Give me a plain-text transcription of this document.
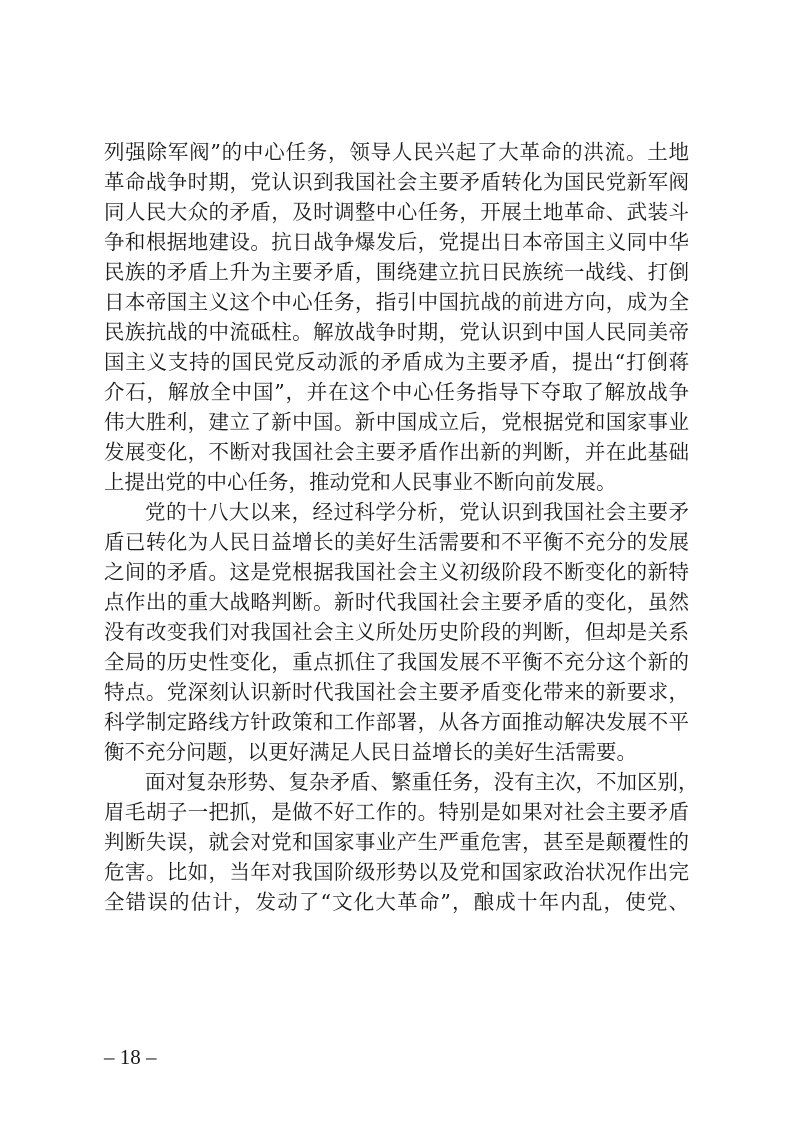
列强除军阀”的中心任务，领导人民兴起了大革命的洪流。土地
革命战争时期，党认识到我国社会主要矛盾转化为国民党新军阀
同人民大众的矛盾，及时调整中心任务，开展土地革命、武装斗
争和根据地建设。抗日战争爆发后，党提出日本帝国主义同中华
民族的矛盾上升为主要矛盾，围绕建立抗日民族统一战线、打倒
日本帝国主义这个中心任务，指引中国抗战的前进方向，成为全
民族抗战的中流砥柱。解放战争时期，党认识到中国人民同美帝
国主义支持的国民党反动派的矛盾成为主要矛盾，提出“打倒蒋
介石，解放全中国”，并在这个中心任务指导下夺取了解放战争
伟大胜利，建立了新中国。新中国成立后，党根据党和国家事业
发展变化，不断对我国社会主要矛盾作出新的判断，并在此基础
上提出党的中心任务，推动党和人民事业不断向前发展。
党的十八大以来，经过科学分析，党认识到我国社会主要矛
盾已转化为人民日益增长的美好生活需要和不平衡不充分的发展
之间的矛盾。这是党根据我国社会主义初级阶段不断变化的新特
点作出的重大战略判断。新时代我国社会主要矛盾的变化，虽然
没有改变我们对我国社会主义所处历史阶段的判断，但却是关系
全局的历史性变化，重点抓住了我国发展不平衡不充分这个新的
特点。党深刻认识新时代我国社会主要矛盾变化带来的新要求，
科学制定路线方针政策和工作部署，从各方面推动解决发展不平
衡不充分问题，以更好满足人民日益增长的美好生活需要。
面对复杂形势、复杂矛盾、繁重任务，没有主次，不加区别，
眉毛胡子一把抓，是做不好工作的。特别是如果对社会主要矛盾
判断失误，就会对党和国家事业产生严重危害，甚至是颠覆性的
危害。比如，当年对我国阶级形势以及党和国家政治状况作出完
全错误的估计，发动了“文化大革命”，酿成十年内乱，使党、
– 18 –
